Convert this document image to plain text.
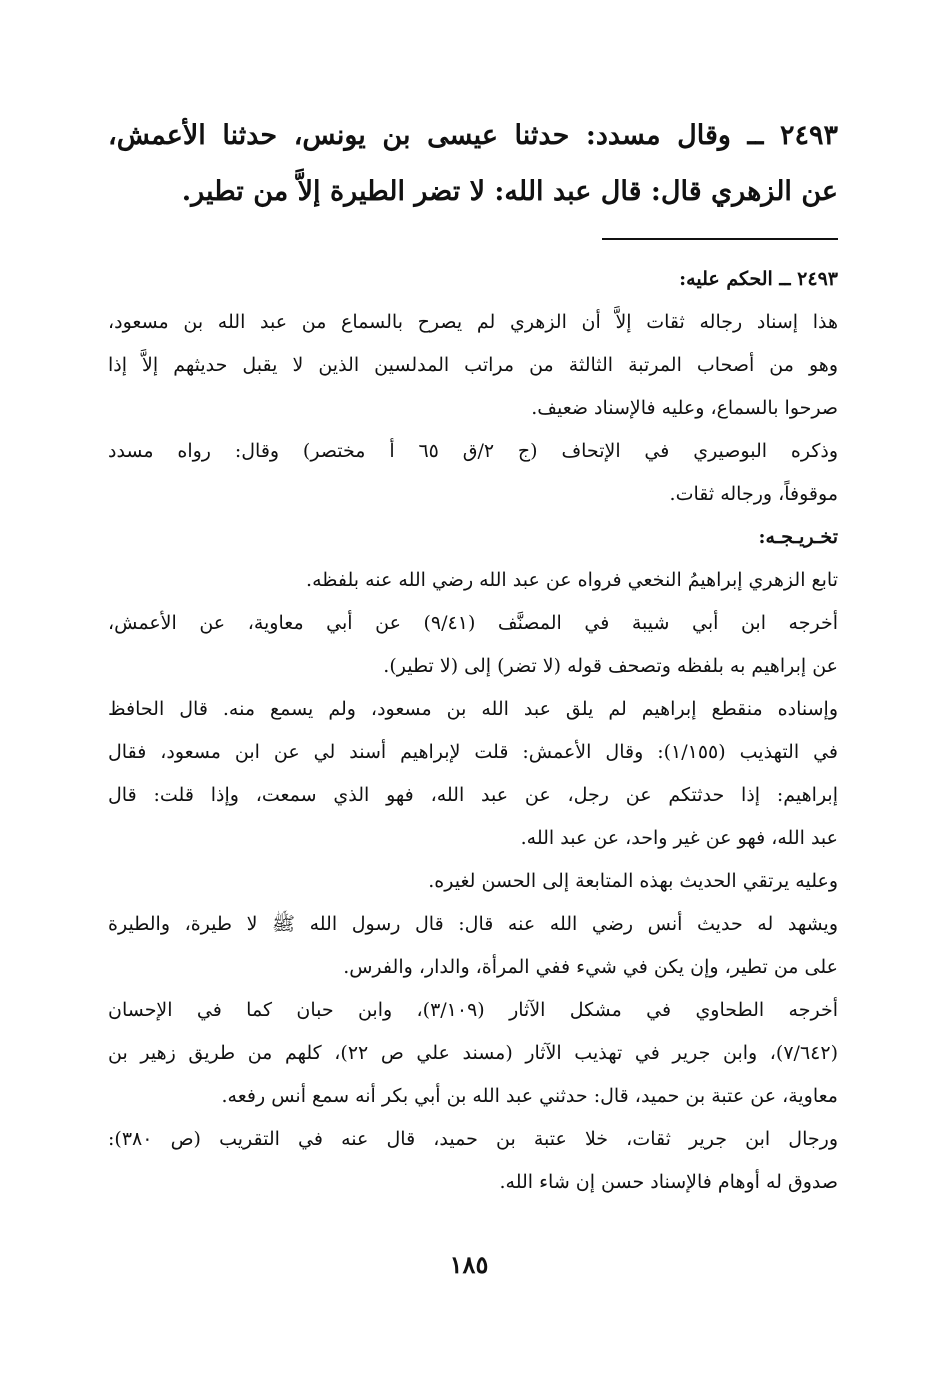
٢٤٩٣ ــ وقال مسدد: حدثنا عيسى بن يونس، حدثنا الأعمش،
عن الزهري قال: قال عبد الله: لا تضر الطيرة إلاَّ من تطير.
٢٤٩٣ ــ الحكم عليه:
هذا إسناد رجاله ثقات إلاَّ أن الزهري لم يصرح بالسماع من عبد الله بن مسعود،
وهو من أصحاب المرتبة الثالثة من مراتب المدلسين الذين لا يقبل حديثهم إلاَّ إذا
صرحوا بالسماع، وعليه فالإسناد ضعيف.
وذكره البوصيري في الإتحاف (ج ٢/ق ٦٥ أ مختصر) وقال: رواه مسدد
موقوفاً، ورجاله ثقات.
تخـريـجـه:
تابع الزهري إبراهيمُ النخعي فرواه عن عبد الله رضي الله عنه بلفظه.
أخرجه ابن أبي شيبة في المصنَّف (٩/٤١) عن أبي معاوية، عن الأعمش،
عن إبراهيم به بلفظه وتصحف قوله (لا تضر) إلى (لا تطير).
وإسناده منقطع إبراهيم لم يلق عبد الله بن مسعود، ولم يسمع منه. قال الحافظ
في التهذيب (١/١٥٥): وقال الأعمش: قلت لإبراهيم أسند لي عن ابن مسعود، فقال
إبراهيم: إذا حدثتكم عن رجل، عن عبد الله، فهو الذي سمعت، وإذا قلت: قال
عبد الله، فهو عن غير واحد، عن عبد الله.
وعليه يرتقي الحديث بهذه المتابعة إلى الحسن لغيره.
ويشهد له حديث أنس رضي الله عنه قال: قال رسول الله ﷺ لا طيرة، والطيرة
على من تطير، وإن يكن في شيء ففي المرأة، والدار، والفرس.
أخرجه الطحاوي في مشكل الآثار (٣/١٠٩)، وابن حبان كما في الإحسان
(٧/٦٤٢)، وابن جرير في تهذيب الآثار (مسند علي ص ٢٢)، كلهم من طريق زهير بن
معاوية، عن عتبة بن حميد، قال: حدثني عبد الله بن أبي بكر أنه سمع أنس رفعه.
ورجال ابن جرير ثقات، خلا عتبة بن حميد، قال عنه في التقريب (ص ٣٨٠):
صدوق له أوهام فالإسناد حسن إن شاء الله.
١٨٥
